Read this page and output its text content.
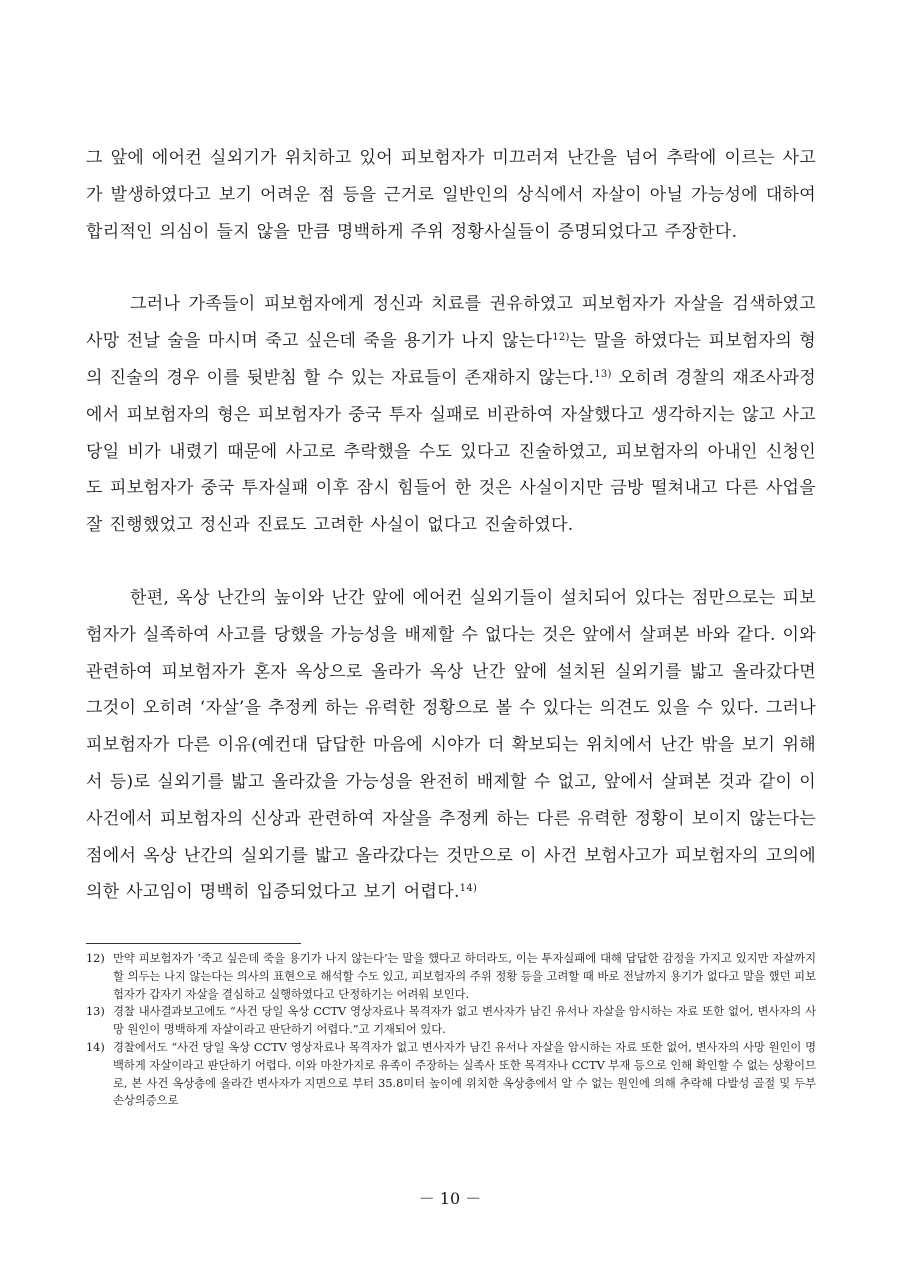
그 앞에 에어컨 실외기가 위치하고 있어 피보험자가 미끄러져 난간을 넘어 추락에 이르는 사고가 발생하였다고 보기 어려운 점 등을 근거로 일반인의 상식에서 자살이 아닐 가능성에 대하여 합리적인 의심이 들지 않을 만큼 명백하게 주위 정황사실들이 증명되었다고 주장한다.

그러나 가족들이 피보험자에게 정신과 치료를 권유하였고 피보험자가 자살을 검색하였고 사망 전날 술을 마시며 죽고 싶은데 죽을 용기가 나지 않는다$^{12)}$는 말을 하였다는 피보험자의 형의 진술의 경우 이를 뒷받침 할 수 있는 자료들이 존재하지 않는다.$^{13)}$ 오히려 경찰의 재조사과정에서 피보험자의 형은 피보험자가 중국 투자 실패로 비관하여 자살했다고 생각하지는 않고 사고 당일 비가 내렸기 때문에 사고로 추락했을 수도 있다고 진술하였고, 피보험자의 아내인 신청인도 피보험자가 중국 투자실패 이후 잠시 힘들어 한 것은 사실이지만 금방 떨쳐내고 다른 사업을 잘 진행했었고 정신과 진료도 고려한 사실이 없다고 진술하였다.

한편, 옥상 난간의 높이와 난간 앞에 에어컨 실외기들이 설치되어 있다는 점만으로는 피보험자가 실족하여 사고를 당했을 가능성을 배제할 수 없다는 것은 앞에서 살펴본 바와 같다. 이와 관련하여 피보험자가 혼자 옥상으로 올라가 옥상 난간 앞에 설치된 실외기를 밟고 올라갔다면 그것이 오히려 ‘자살’을 추정케 하는 유력한 정황으로 볼 수 있다는 의견도 있을 수 있다. 그러나 피보험자가 다른 이유(예컨대 답답한 마음에 시야가 더 확보되는 위치에서 난간 밖을 보기 위해서 등)로 실외기를 밟고 올라갔을 가능성을 완전히 배제할 수 없고, 앞에서 살펴본 것과 같이 이 사건에서 피보험자의 신상과 관련하여 자살을 추정케 하는 다른 유력한 정황이 보이지 않는다는 점에서 옥상 난간의 실외기를 밟고 올라갔다는 것만으로 이 사건 보험사고가 피보험자의 고의에 의한 사고임이 명백히 입증되었다고 보기 어렵다.$^{14)}$

12) 만약 피보험자가 ‘죽고 싶은데 죽을 용기가 나지 않는다’는 말을 했다고 하더라도, 이는 투자실패에 대해 답답한 감정을 가지고 있지만 자살까지 할 의두는 나지 않는다는 의사의 표현으로 해석할 수도 있고, 피보험자의 주위 정황 등을 고려할 때 바로 전날까지 용기가 없다고 말을 했던 피보험자가 갑자기 자살을 결심하고 실행하였다고 단정하기는 어려워 보인다.
13) 경찰 내사결과보고에도 “사건 당일 옥상 CCTV 영상자료나 목격자가 없고 변사자가 남긴 유서나 자살을 암시하는 자료 또한 없어, 변사자의 사망 원인이 명백하게 자살이라고 판단하기 어렵다.”고 기재되어 있다.
14) 경찰에서도 “사건 당일 옥상 CCTV 영상자료나 목격자가 없고 변사자가 남긴 유서나 자살을 암시하는 자료 또한 없어, 변사자의 사망 원인이 명백하게 자살이라고 판단하기 어렵다. 이와 마찬가지로 유족이 주장하는 실족사 또한 목격자나 CCTV 부재 등으로 인해 확인할 수 없는 상황이므로, 본 사건 옥상층에 올라간 변사자가 지면으로 부터 35.8미터 높이에 위치한 옥상층에서 알 수 없는 원인에 의해 추락해 다발성 골절 및 두부손상의증으로
－ 10 －
